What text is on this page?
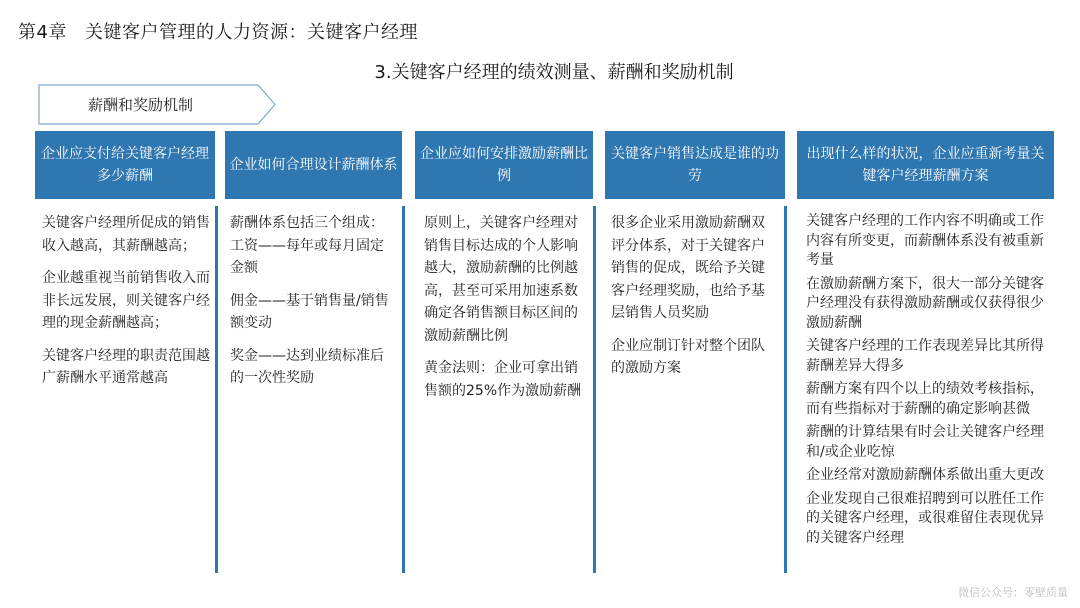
第4章 关键客户管理的人力资源：关键客户经理
3.关键客户经理的绩效测量、薪酬和奖励机制
薪酬和奖励机制
企业应支付给关键客户经理多少薪酬

关键客户经理所促成的销售收入越高，其薪酬越高；

企业越重视当前销售收入而非长远发展，则关键客户经理的现金薪酬越高；

关键客户经理的职责范围越广薪酬水平通常越高

企业如何合理设计薪酬体系

薪酬体系包括三个组成：工资——每年或每月固定金额

佣金——基于销售量/销售额变动

奖金——达到业绩标准后的一次性奖励

企业应如何安排激励薪酬比例

原则上，关键客户经理对销售目标达成的个人影响越大，激励薪酬的比例越高，甚至可采用加速系数确定各销售额目标区间的激励薪酬比例

黄金法则：企业可拿出销售额的25%作为激励薪酬

关键客户销售达成是谁的功劳

很多企业采用激励薪酬双评分体系，对于关键客户销售的促成，既给予关键客户经理奖励，也给予基层销售人员奖励

企业应制订针对整个团队的激励方案

出现什么样的状况，企业应重新考量关键客户经理薪酬方案

关键客户经理的工作内容不明确或工作内容有所变更，而薪酬体系没有被重新考量

在激励薪酬方案下，很大一部分关键客户经理没有获得激励薪酬或仅获得很少激励薪酬

关键客户经理的工作表现差异比其所得薪酬差异大得多

薪酬方案有四个以上的绩效考核指标，而有些指标对于薪酬的确定影响甚微

薪酬的计算结果有时会让关键客户经理和/或企业吃惊

企业经常对激励薪酬体系做出重大更改

企业发现自己很难招聘到可以胜任工作的关键客户经理，或很难留住表现优异的关键客户经理

微信公众号：零壁质量
